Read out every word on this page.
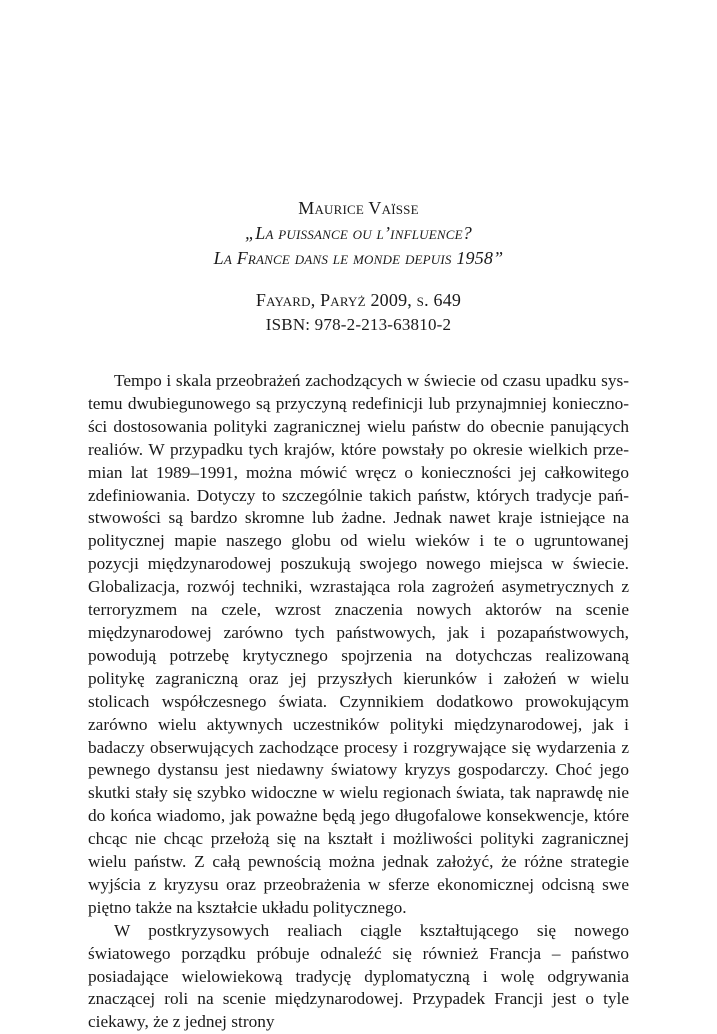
Maurice Vaïsse
„La puissance ou l’influence?
La France dans le monde depuis 1958”
Fayard, Paryż 2009, s. 649
ISBN: 978-2-213-63810-2

Tempo i skala przeobrażeń zachodzących w świecie od czasu upadku systemu dwubiegunowego są przyczyną redefinicji lub przynajmniej konieczności dostosowania polityki zagranicznej wielu państw do obecnie panujących realiów. W przypadku tych krajów, które powstały po okresie wielkich przemian lat 1989–1991, można mówić wręcz o konieczności jej całkowitego zdefiniowania. Dotyczy to szczególnie takich państw, których tradycje państwowości są bardzo skromne lub żadne. Jednak nawet kraje istniejące na politycznej mapie naszego globu od wielu wieków i te o ugruntowanej pozycji międzynarodowej poszukują swojego nowego miejsca w świecie. Globalizacja, rozwój techniki, wzrastająca rola zagrożeń asymetrycznych z terroryzmem na czele, wzrost znaczenia nowych aktorów na scenie międzynarodowej zarówno tych państwowych, jak i pozapaństwowych, powodują potrzebę krytycznego spojrzenia na dotychczas realizowaną politykę zagraniczną oraz jej przyszłych kierunków i założeń w wielu stolicach współczesnego świata. Czynnikiem dodatkowo prowokującym zarówno wielu aktywnych uczestników polityki międzynarodowej, jak i badaczy obserwujących zachodzące procesy i rozgrywające się wydarzenia z pewnego dystansu jest niedawny światowy kryzys gospodarczy. Choć jego skutki stały się szybko widoczne w wielu regionach świata, tak naprawdę nie do końca wiadomo, jak poważne będą jego długofalowe konsekwencje, które chcąc nie chcąc przełożą się na kształt i możliwości polityki zagranicznej wielu państw. Z całą pewnością można jednak założyć, że różne strategie wyjścia z kryzysu oraz przeobrażenia w sferze ekonomicznej odcisną swe piętno także na kształcie układu politycznego.

W postkryzysowych realiach ciągle kształtującego się nowego światowego porządku próbuje odnaleźć się również Francja – państwo posiadające wielowiekową tradycję dyplomatyczną i wolę odgrywania znaczącej roli na scenie międzynarodowej. Przypadek Francji jest o tyle ciekawy, że z jednej strony
